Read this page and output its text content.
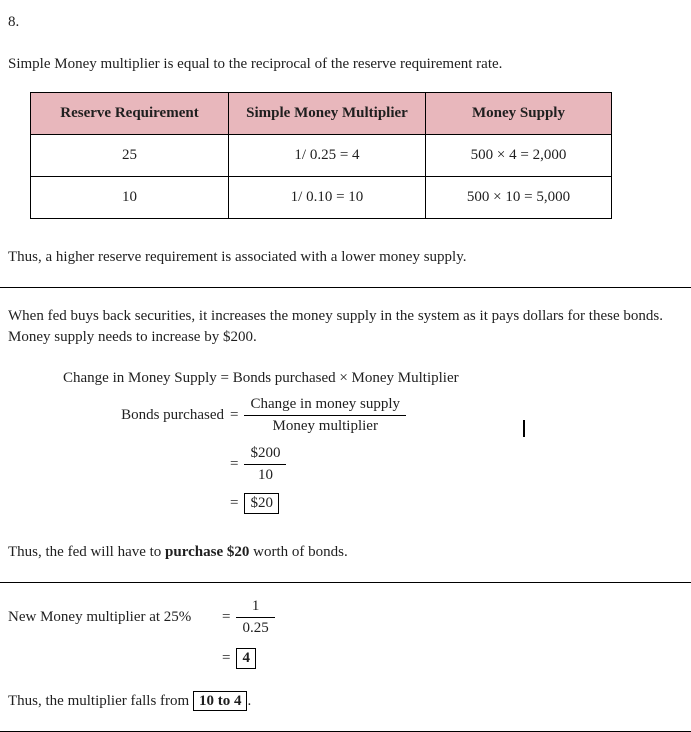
8.
Simple Money multiplier is equal to the reciprocal of the reserve requirement rate.
Reserve Requirement	Simple Money Multiplier	Money Supply
25	1/ 0.25 = 4	500 × 4 = 2,000
10	1/ 0.10 = 10	500 × 10 = 5,000
Thus, a higher reserve requirement is associated with a lower money supply.
When fed buys back securities, it increases the money supply in the system as it pays dollars for these bonds. Money supply needs to increase by $200.
Change in Money Supply = Bonds purchased × Money Multiplier
Bonds purchased = $\frac{\text{Change in money supply}}{\text{Money multiplier}}$
= $\frac{\$200}{10}$
= $20
Thus, the fed will have to purchase $20 worth of bonds.
New Money multiplier at 25%	= $\frac{1}{0.25}$
= 4
Thus, the multiplier falls from 10 to 4 .
